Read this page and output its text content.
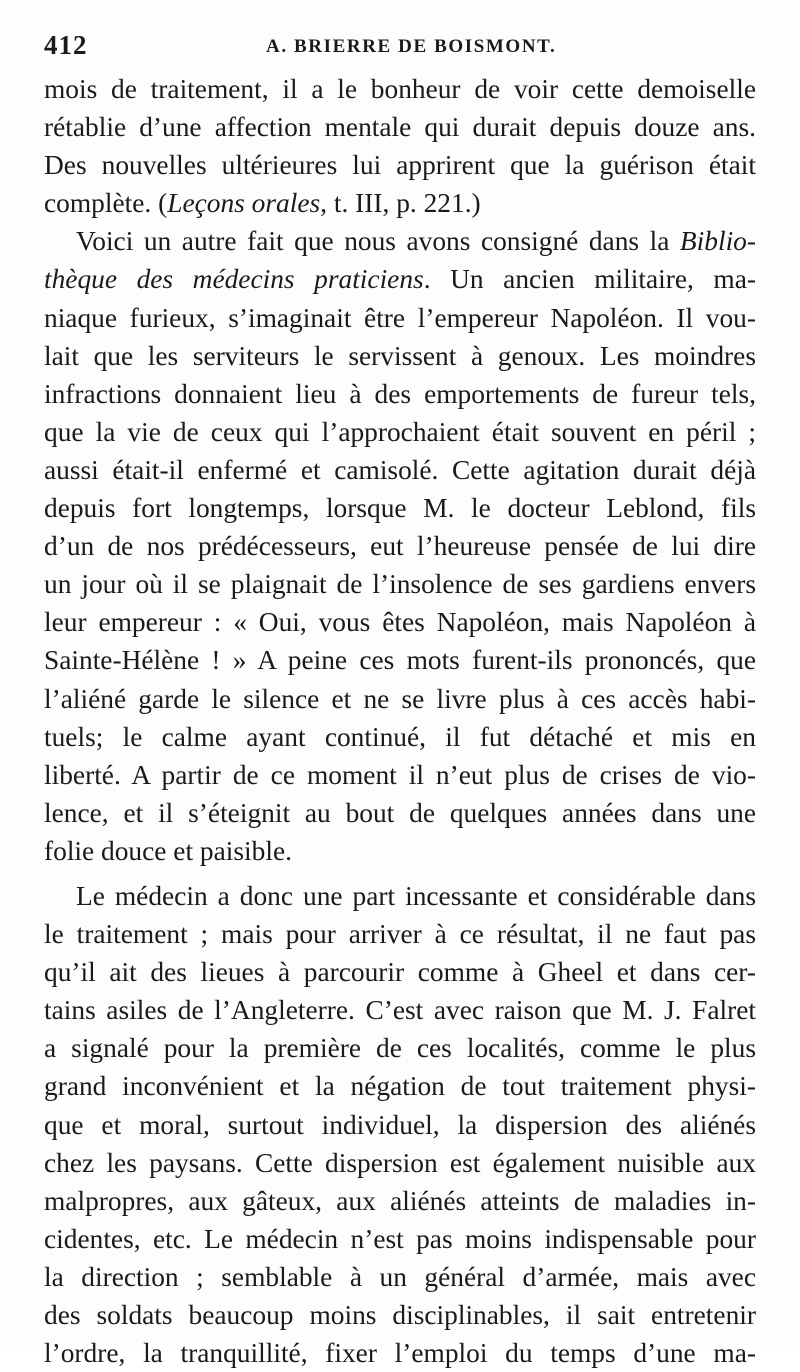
412	A. BRIERRE DE BOISMONT.
mois de traitement, il a le bonheur de voir cette demoiselle
rétablie d’une affection mentale qui durait depuis douze ans.
Des nouvelles ultérieures lui apprirent que la guérison était
complète. (Leçons orales, t. III, p. 221.)
Voici un autre fait que nous avons consigné dans la Biblio-
thèque des médecins praticiens. Un ancien militaire, ma-
niaque furieux, s’imaginait être l’empereur Napoléon. Il vou-
lait que les serviteurs le servissent à genoux. Les moindres
infractions donnaient lieu à des emportements de fureur tels,
que la vie de ceux qui l’approchaient était souvent en péril ;
aussi était-il enfermé et camisolé. Cette agitation durait déjà
depuis fort longtemps, lorsque M. le docteur Leblond, fils
d’un de nos prédécesseurs, eut l’heureuse pensée de lui dire
un jour où il se plaignait de l’insolence de ses gardiens envers
leur empereur : « Oui, vous êtes Napoléon, mais Napoléon à
Sainte-Hélène ! » A peine ces mots furent-ils prononcés, que
l’aliéné garde le silence et ne se livre plus à ces accès habi-
tuels; le calme ayant continué, il fut détaché et mis en
liberté. A partir de ce moment il n’eut plus de crises de vio-
lence, et il s’éteignit au bout de quelques années dans une
folie douce et paisible.
Le médecin a donc une part incessante et considérable dans
le traitement ; mais pour arriver à ce résultat, il ne faut pas
qu’il ait des lieues à parcourir comme à Gheel et dans cer-
tains asiles de l’Angleterre. C’est avec raison que M. J. Falret
a signalé pour la première de ces localités, comme le plus
grand inconvénient et la négation de tout traitement physi-
que et moral, surtout individuel, la dispersion des aliénés
chez les paysans. Cette dispersion est également nuisible aux
malpropres, aux gâteux, aux aliénés atteints de maladies in-
cidentes, etc. Le médecin n’est pas moins indispensable pour
la direction ; semblable à un général d’armée, mais avec
des soldats beaucoup moins disciplinables, il sait entretenir
l’ordre, la tranquillité, fixer l’emploi du temps d’une ma-
